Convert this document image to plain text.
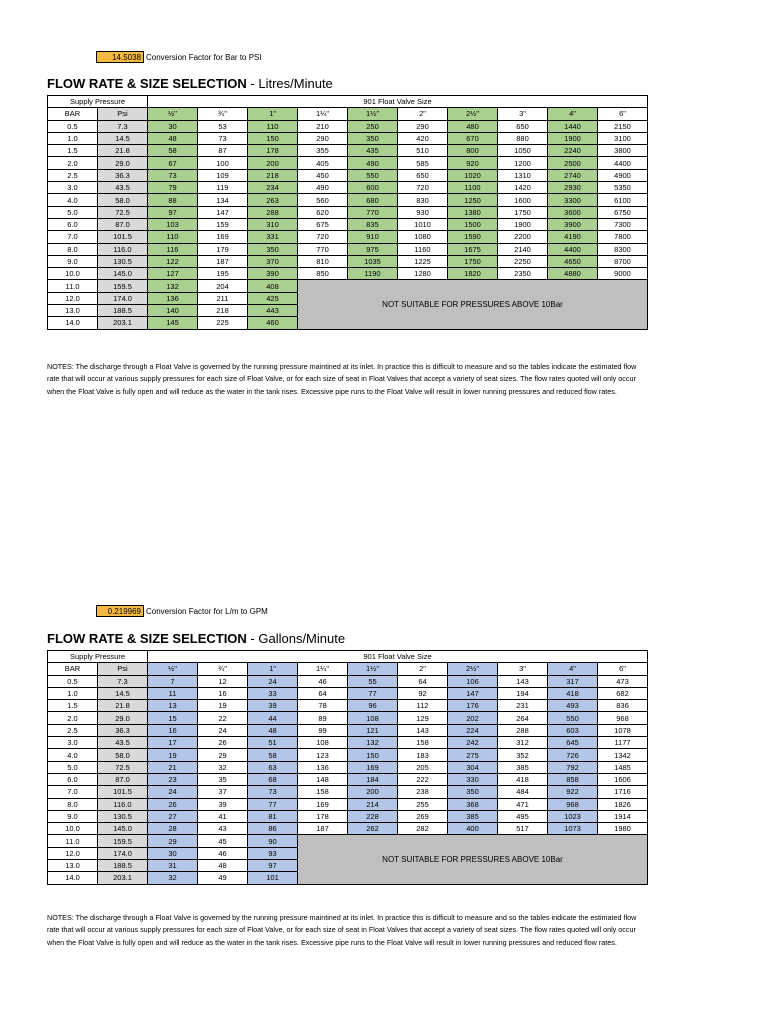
14.5038 Conversion Factor for Bar to PSI
FLOW RATE & SIZE SELECTION - Litres/Minute
Supply Pressure		901 Float Valve Size									
BAR	Psi	½"	¾"	1"	1¼"	1½"	2"	2½"	3"	4"	6"
0.5	7.3	30	53	110	210	250	290	480	650	1440	2150
1.0	14.5	48	73	150	290	350	420	670	880	1900	3100
1.5	21.8	58	87	178	355	435	510	800	1050	2240	3800
2.0	29.0	67	100	200	405	490	585	920	1200	2500	4400
2.5	36.3	73	109	218	450	550	650	1020	1310	2740	4900
3.0	43.5	79	119	234	490	600	720	1100	1420	2930	5350
4.0	58.0	88	134	263	560	680	830	1250	1600	3300	6100
5.0	72.5	97	147	288	620	770	930	1380	1750	3600	6750
6.0	87.0	103	159	310	675	835	1010	1500	1900	3900	7300
7.0	101.5	110	169	331	720	910	1080	1590	2200	4190	7800
8.0	116.0	116	179	350	770	975	1160	1675	2140	4400	8300
9.0	130.5	122	187	370	810	1035	1225	1750	2250	4650	8700
10.0	145.0	127	195	390	850	1190	1280	1820	2350	4880	9000
11.0	159.5	132	204	408	NOT SUITABLE FOR PRESSURES ABOVE 10Bar						
12.0	174.0	136	211	425							
13.0	188.5	140	218	443							
14.0	203.1	145	225	460							
NOTES: The discharge through a Float Valve is governed by the running pressure maintined at its inlet. In practice this is difficult to measure and so the tables indicate the estimated flow rate that will occur at various supply pressures for each size of Float Valve, or for each size of seat in Float Valves that accept a variety of seat sizes. The flow rates quoted will only occur when the Float Valve is fully open and will reduce as the water in the tank rises. Excessive pipe runs to the Float Valve will result in lower running pressures and reduced flow rates.
0.219969 Conversion Factor for L/m to GPM
FLOW RATE & SIZE SELECTION - Gallons/Minute
Supply Pressure		901 Float Valve Size									
BAR	Psi	½"	¾"	1"	1¼"	1½"	2"	2½"	3"	4"	6"
0.5	7.3	7	12	24	46	55	64	106	143	317	473
1.0	14.5	11	16	33	64	77	92	147	194	418	682
1.5	21.8	13	19	39	78	96	112	176	231	493	836
2.0	29.0	15	22	44	89	108	129	202	264	550	968
2.5	36.3	16	24	48	99	121	143	224	288	603	1078
3.0	43.5	17	26	51	108	132	158	242	312	645	1177
4.0	58.0	19	29	58	123	150	183	275	352	726	1342
5.0	72.5	21	32	63	136	169	205	304	385	792	1485
6.0	87.0	23	35	68	148	184	222	330	418	858	1606
7.0	101.5	24	37	73	158	200	238	350	484	922	1716
8.0	116.0	26	39	77	169	214	255	368	471	968	1826
9.0	130.5	27	41	81	178	228	269	385	495	1023	1914
10.0	145.0	28	43	86	187	262	282	400	517	1073	1980
11.0	159.5	29	45	90	NOT SUITABLE FOR PRESSURES ABOVE 10Bar						
12.0	174.0	30	46	93							
13.0	188.5	31	48	97							
14.0	203.1	32	49	101							
NOTES: The discharge through a Float Valve is governed by the running pressure maintined at its inlet. In practice this is difficult to measure and so the tables indicate the estimated flow rate that will occur at various supply pressures for each size of Float Valve, or for each size of seat in Float Valves that accept a variety of seat sizes. The flow rates quoted will only occur when the Float Valve is fully open and will reduce as the water in the tank rises. Excessive pipe runs to the Float Valve will result in lower running pressures and reduced flow rates.
